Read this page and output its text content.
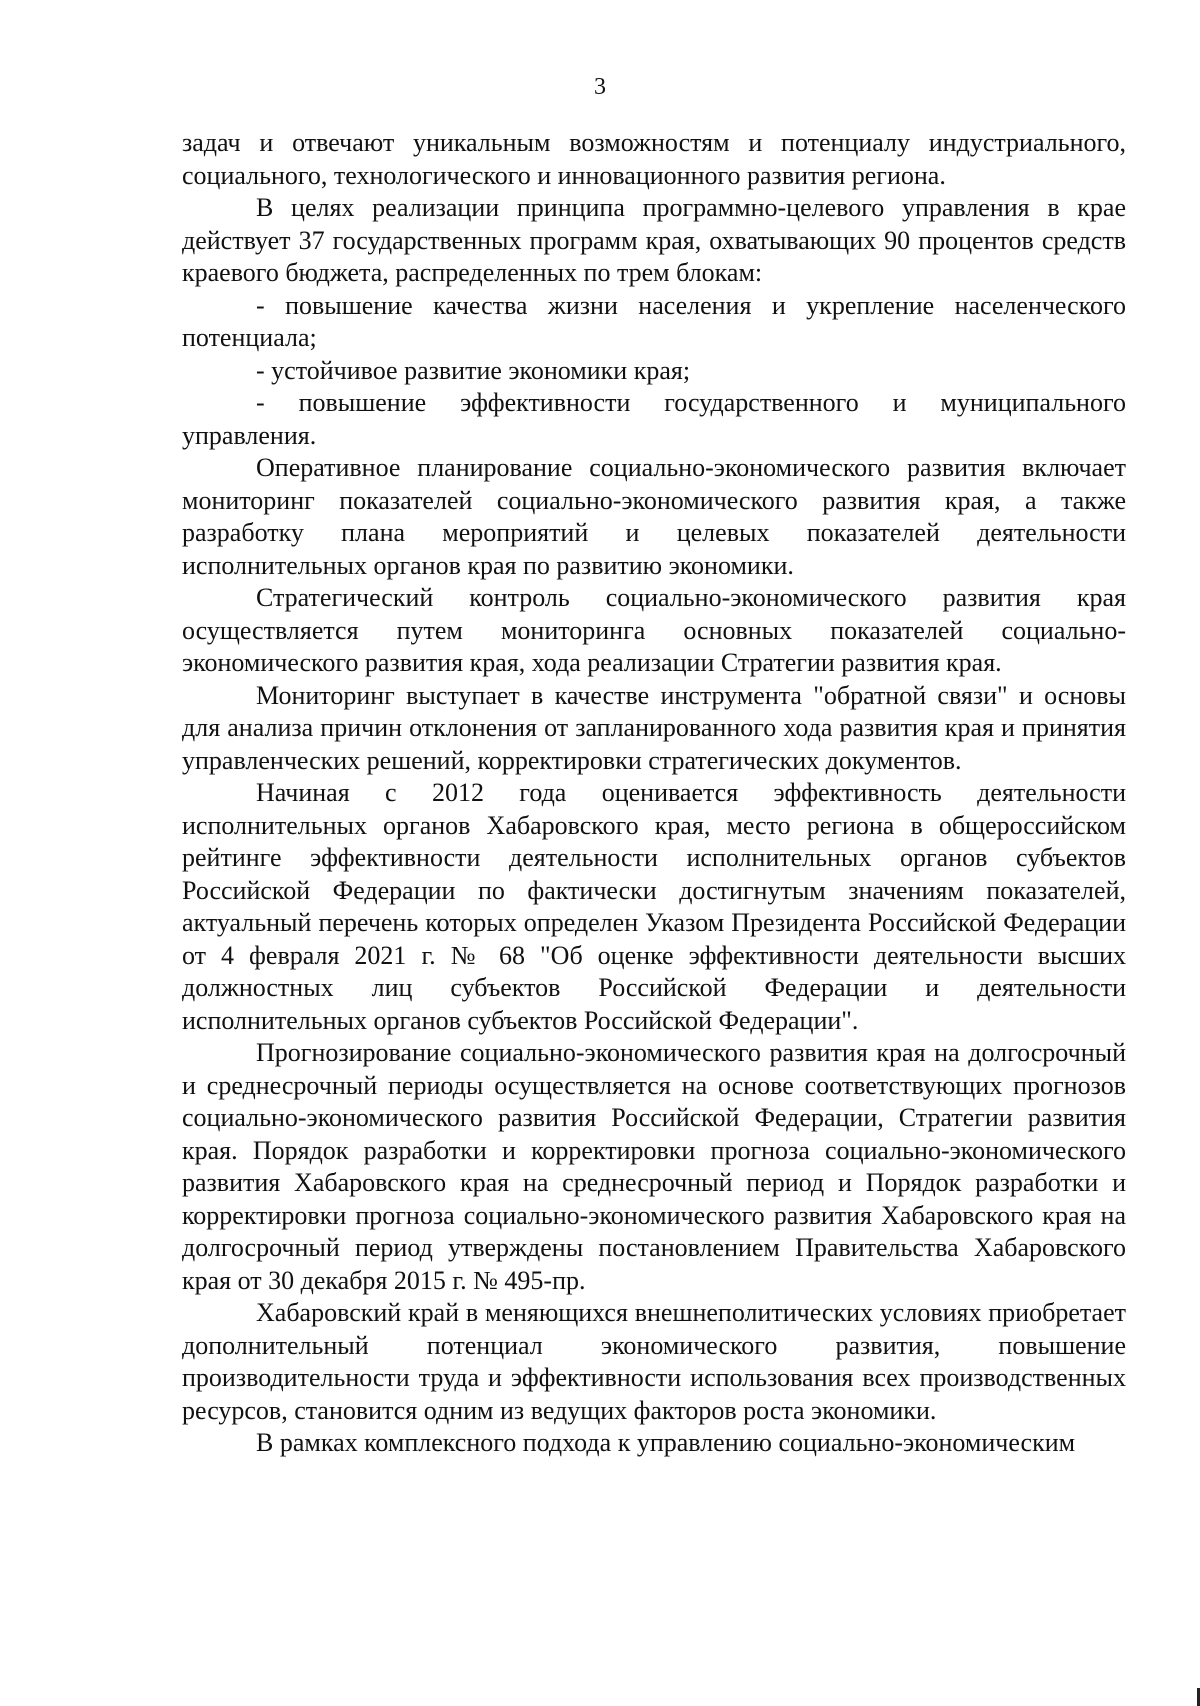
3

задач и отвечают уникальным возможностям и потенциалу индустриального, социального, технологического и инновационного развития региона.

В целях реализации принципа программно-целевого управления в крае действует 37 государственных программ края, охватывающих 90 процентов средств краевого бюджета, распределенных по трем блокам:

- повышение качества жизни населения и укрепление населенческого потенциала;

- устойчивое развитие экономики края;

- повышение эффективности государственного и муниципального управления.

Оперативное планирование социально-экономического развития включает мониторинг показателей социально-экономического развития края, а также разработку плана мероприятий и целевых показателей деятельности исполнительных органов края по развитию экономики.

Стратегический контроль социально-экономического развития края осуществляется путем мониторинга основных показателей социально-экономического развития края, хода реализации Стратегии развития края.

Мониторинг выступает в качестве инструмента "обратной связи" и основы для анализа причин отклонения от запланированного хода развития края и принятия управленческих решений, корректировки стратегических документов.

Начиная с 2012 года оценивается эффективность деятельности исполнительных органов Хабаровского края, место региона в общероссийском рейтинге эффективности деятельности исполнительных органов субъектов Российской Федерации по фактически достигнутым значениям показателей, актуальный перечень которых определен Указом Президента Российской Федерации от 4 февраля 2021 г. № 68 "Об оценке эффективности деятельности высших должностных лиц субъектов Российской Федерации и деятельности исполнительных органов субъектов Российской Федерации".

Прогнозирование социально-экономического развития края на долгосрочный и среднесрочный периоды осуществляется на основе соответствующих прогнозов социально-экономического развития Российской Федерации, Стратегии развития края. Порядок разработки и корректировки прогноза социально-экономического развития Хабаровского края на среднесрочный период и Порядок разработки и корректировки прогноза социально-экономического развития Хабаровского края на долгосрочный период утверждены постановлением Правительства Хабаровского края от 30 декабря 2015 г. № 495-пр.

Хабаровский край в меняющихся внешнеполитических условиях приобретает дополнительный потенциал экономического развития, повышение производительности труда и эффективности использования всех производственных ресурсов, становится одним из ведущих факторов роста экономики.

В рамках комплексного подхода к управлению социально-экономическим
